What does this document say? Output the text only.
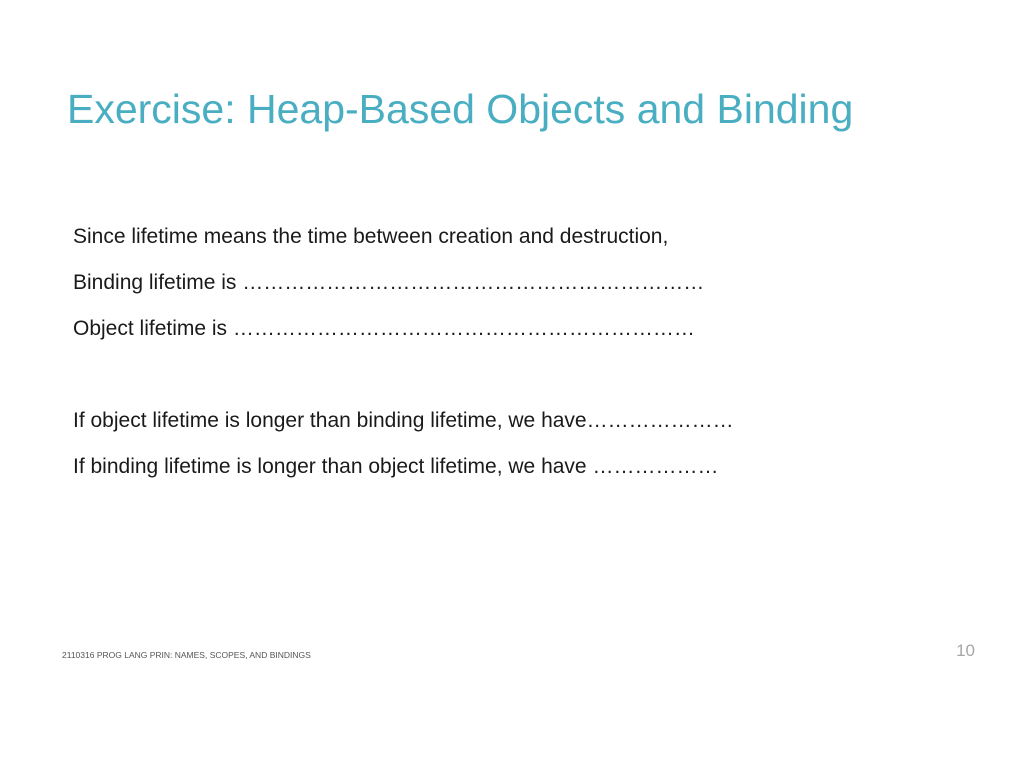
Exercise: Heap-Based Objects and Binding
Since lifetime means the time between creation and destruction,
Binding lifetime is …………………………………………………………
Object lifetime is …………………………………………………………
If object lifetime is longer than binding lifetime, we have…………………
If binding lifetime is longer than object lifetime, we have ………………
2110316 PROG LANG PRIN: NAMES, SCOPES, AND BINDINGS	10
